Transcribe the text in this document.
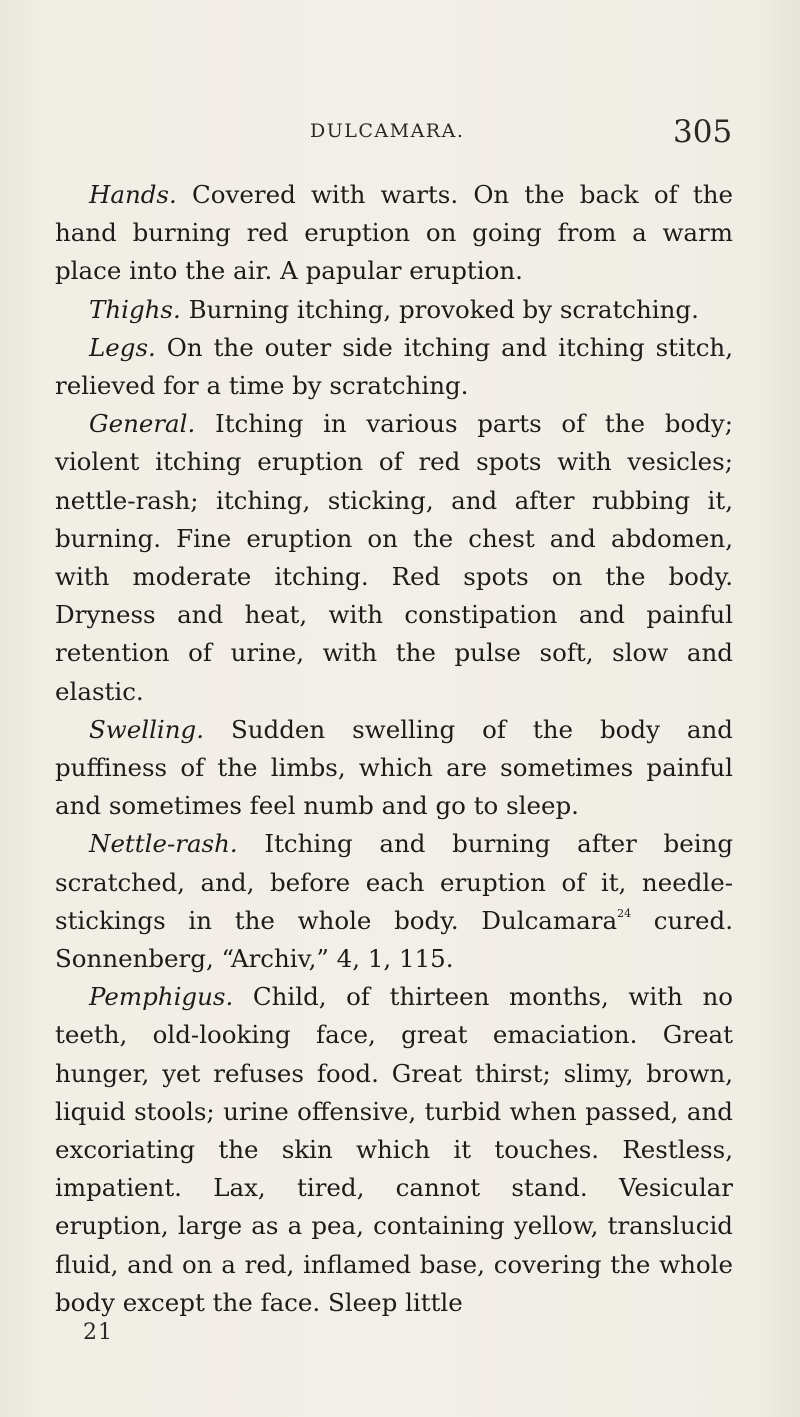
DULCAMARA.	305

Hands. Covered with warts. On the back of the hand burning red eruption on going from a warm place into the air. A papular eruption.

Thighs. Burning itching, provoked by scratching.

Legs. On the outer side itching and itching stitch, relieved for a time by scratching.

General. Itching in various parts of the body; violent itching eruption of red spots with vesicles; nettle-rash; itching, sticking, and after rubbing it, burning. Fine eruption on the chest and abdomen, with moderate itching. Red spots on the body. Dryness and heat, with constipation and painful retention of urine, with the pulse soft, slow and elastic.

Swelling. Sudden swelling of the body and puffiness of the limbs, which are sometimes painful and sometimes feel numb and go to sleep.

Nettle-rash. Itching and burning after being scratched, and, before each eruption of it, needle-stickings in the whole body. Dulcamara$^{24}$ cured. Sonnenberg, “Archiv,” 4, 1, 115.

Pemphigus. Child, of thirteen months, with no teeth, old-looking face, great emaciation. Great hunger, yet refuses food. Great thirst; slimy, brown, liquid stools; urine offensive, turbid when passed, and excoriating the skin which it touches. Restless, impatient. Lax, tired, cannot stand. Vesicular eruption, large as a pea, containing yellow, translucid fluid, and on a red, inflamed base, covering the whole body except the face. Sleep little

21
